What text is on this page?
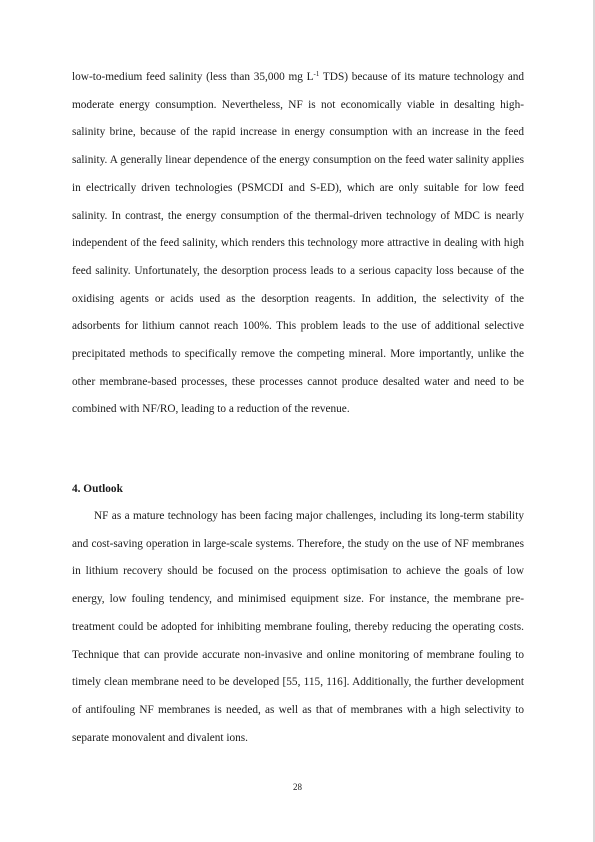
low-to-medium feed salinity (less than 35,000 mg $L^{-1}$ TDS) because of its mature technology and moderate energy consumption. Nevertheless, NF is not economically viable in desalting high-salinity brine, because of the rapid increase in energy consumption with an increase in the feed salinity. A generally linear dependence of the energy consumption on the feed water salinity applies in electrically driven technologies (PSMCDI and S-ED), which are only suitable for low feed salinity. In contrast, the energy consumption of the thermal-driven technology of MDC is nearly independent of the feed salinity, which renders this technology more attractive in dealing with high feed salinity. Unfortunately, the desorption process leads to a serious capacity loss because of the oxidising agents or acids used as the desorption reagents. In addition, the selectivity of the adsorbents for lithium cannot reach 100%. This problem leads to the use of additional selective precipitated methods to specifically remove the competing mineral. More importantly, unlike the other membrane-based processes, these processes cannot produce desalted water and need to be combined with NF/RO, leading to a reduction of the revenue.

4. Outlook

NF as a mature technology has been facing major challenges, including its long-term stability and cost-saving operation in large-scale systems. Therefore, the study on the use of NF membranes in lithium recovery should be focused on the process optimisation to achieve the goals of low energy, low fouling tendency, and minimised equipment size. For instance, the membrane pre-treatment could be adopted for inhibiting membrane fouling, thereby reducing the operating costs. Technique that can provide accurate non-invasive and online monitoring of membrane fouling to timely clean membrane need to be developed [55, 115, 116]. Additionally, the further development of antifouling NF membranes is needed, as well as that of membranes with a high selectivity to separate monovalent and divalent ions.

28
